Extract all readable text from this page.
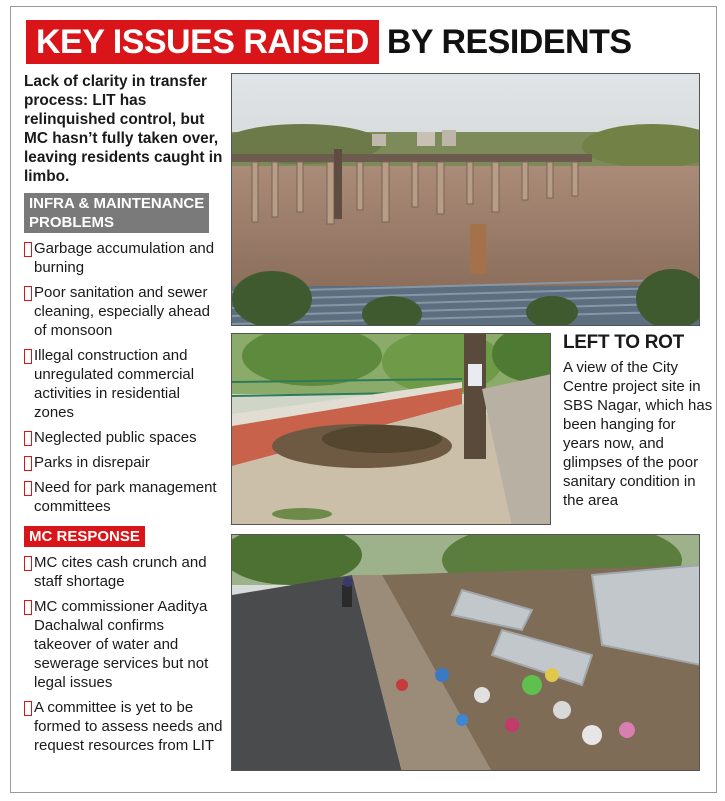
KEY ISSUES RAISED BY RESIDENTS

Lack of clarity in transfer process: LIT has relinquished control, but MC hasn’t fully taken over, leaving residents caught in limbo.

INFRA & MAINTENANCE
PROBLEMS
Garbage accumulation and burning
Poor sanitation and sewer cleaning, especially ahead of monsoon
Illegal construction and unregulated commercial activities in residential zones
Neglected public spaces
Parks in disrepair
Need for park management committees
MC RESPONSE
MC cites cash crunch and staff shortage
MC commissioner Aaditya Dachalwal confirms takeover of water and sewerage services but not legal issues
A committee is yet to be formed to assess needs and request resources from LIT
LEFT TO ROT
A view of the City Centre project site in SBS Nagar, which has been hanging for years now, and glimpses of the poor sanitary condition in the area
